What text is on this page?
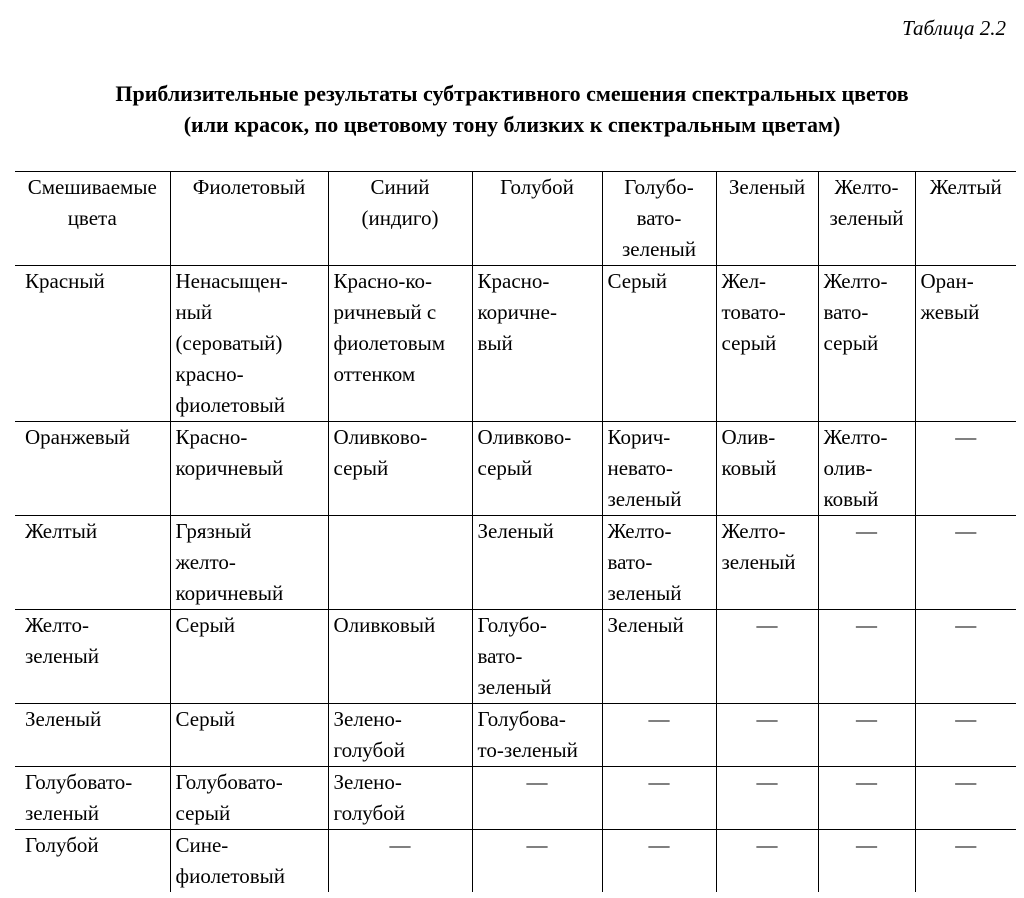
Таблица 2.2
Приблизительные результаты субтрактивного смешения спектральных цветов
(или красок, по цветовому тону близких к спектральным цветам)
Смешиваемые
цвета	Фиолетовый	Синий
(индиго)	Голубой	Голубо-
вато-
зеленый	Зеленый	Желто-
зеленый	Желтый

Красный	Ненасыщен-
ный
(сероватый)
красно-
фиолетовый	Красно-ко-
ричневый с
фиолетовым
оттенком	Красно-
коричне-
вый	Серый	Жел-
товато-
серый	Желто-
вато-
серый	Оран-
жевый

Оранжевый	Красно-
коричневый	Оливково-
серый	Оливково-
серый	Корич-
невато-
зеленый	Олив-
ковый	Желто-
олив-
ковый	—

Желтый	Грязный
желто-
коричневый		Зеленый	Желто-
вато-
зеленый	Желто-
зеленый	—	—

Желто-
зеленый	Серый	Оливковый	Голубо-
вато-
зеленый	Зеленый	—	—	—

Зеленый	Серый	Зелено-
голубой	Голубова-
то-зеленый	—	—	—	—

Голубовато-
зеленый	Голубовато-
серый	Зелено-
голубой	—	—	—	—	—

Голубой	Сине-
фиолетовый	—	—	—	—	—	—
